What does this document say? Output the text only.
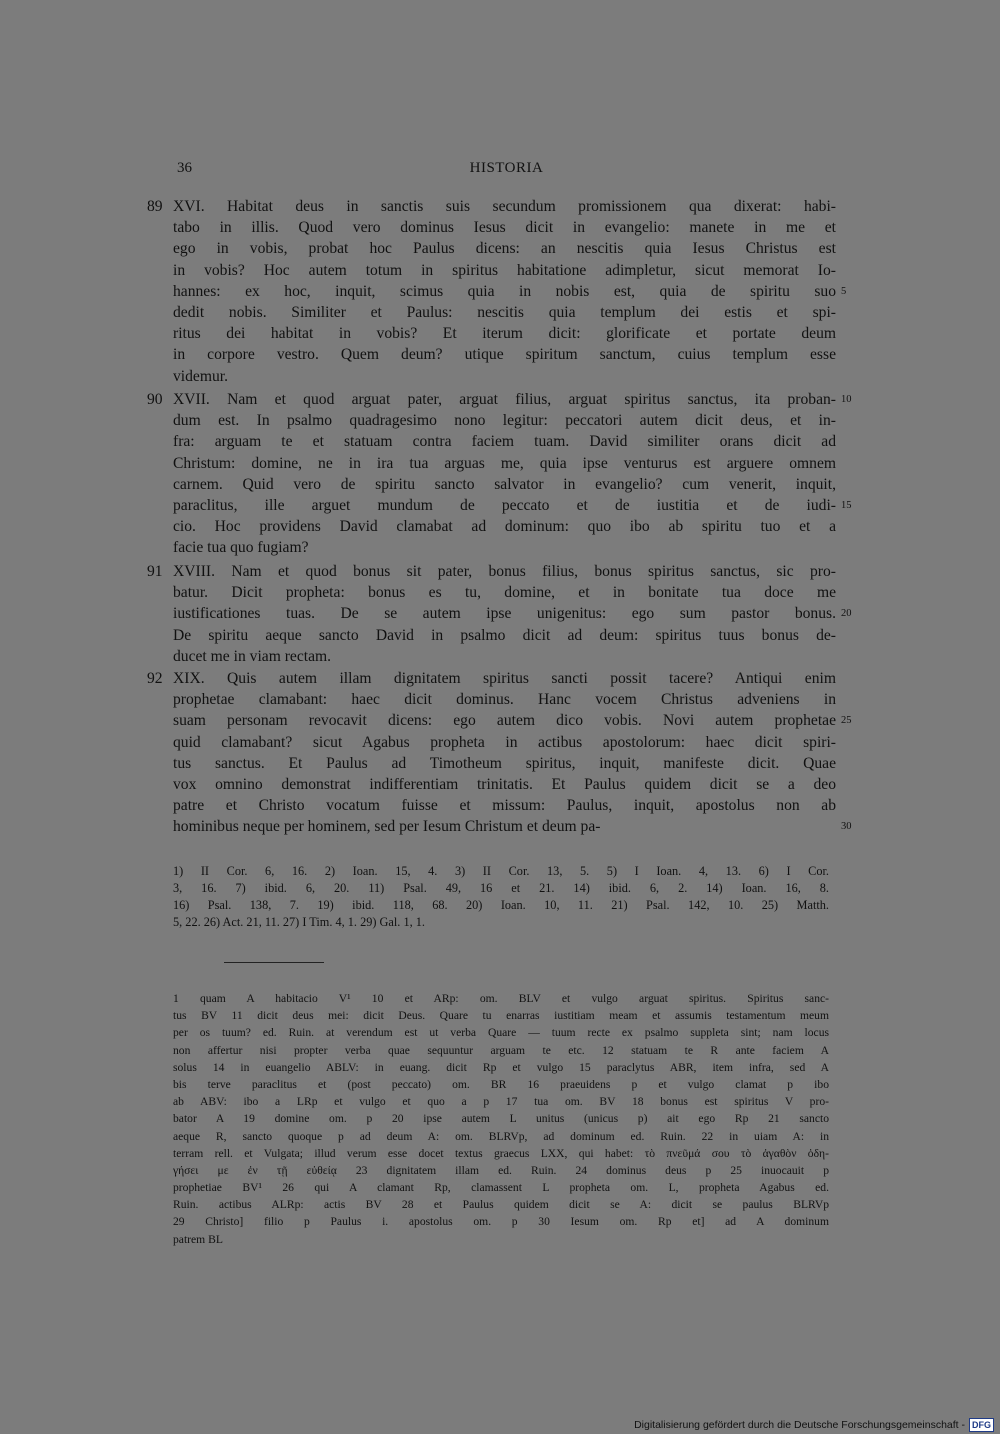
36	HISTORIA
89 XVI. Habitat deus in sanctis suis secundum promissionem qua dixerat: habi-
tabo in illis. Quod vero dominus Iesus dicit in evangelio: manete in me et
ego in vobis, probat hoc Paulus dicens: an nescitis quia Iesus Christus est
in vobis? Hoc autem totum in spiritus habitatione adimpletur, sicut memorat Io-
hannes: ex hoc, inquit, scimus quia in nobis est, quia de spiritu suo
dedit nobis. Similiter et Paulus: nescitis quia templum dei estis et spi-
ritus dei habitat in vobis? Et iterum dicit: glorificate et portate deum
in corpore vestro. Quem deum? utique spiritum sanctum, cuius templum esse
videmur.
5
90 XVII. Nam et quod arguat pater, arguat filius, arguat spiritus sanctus, ita proban-
dum est. In psalmo quadragesimo nono legitur: peccatori autem dicit deus, et in-
fra: arguam te et statuam contra faciem tuam. David similiter orans dicit ad
Christum: domine, ne in ira tua arguas me, quia ipse venturus est arguere omnem
carnem. Quid vero de spiritu sancto salvator in evangelio? cum venerit, inquit,
paraclitus, ille arguet mundum de peccato et de iustitia et de iudi-
cio. Hoc providens David clamabat ad dominum: quo ibo ab spiritu tuo et a
facie tua quo fugiam?
10
15
91 XVIII. Nam et quod bonus sit pater, bonus filius, bonus spiritus sanctus, sic pro-
batur. Dicit propheta: bonus es tu, domine, et in bonitate tua doce me
iustificationes tuas. De se autem ipse unigenitus: ego sum pastor bonus.
De spiritu aeque sancto David in psalmo dicit ad deum: spiritus tuus bonus de-
ducet me in viam rectam.
20
92 XIX. Quis autem illam dignitatem spiritus sancti possit tacere? Antiqui enim
prophetae clamabant: haec dicit dominus. Hanc vocem Christus adveniens in
suam personam revocavit dicens: ego autem dico vobis. Novi autem prophetae
quid clamabant? sicut Agabus propheta in actibus apostolorum: haec dicit spiri-
tus sanctus. Et Paulus ad Timotheum spiritus, inquit, manifeste dicit. Quae
vox omnino demonstrat indifferentiam trinitatis. Et Paulus quidem dicit se a deo
patre et Christo vocatum fuisse et missum: Paulus, inquit, apostolus non ab
hominibus neque per hominem, sed per Iesum Christum et deum pa-
25
30
1) II Cor. 6, 16. 2) Ioan. 15, 4. 3) II Cor. 13, 5. 5) I Ioan. 4, 13. 6) I Cor.
3, 16. 7) ibid. 6, 20. 11) Psal. 49, 16 et 21. 14) ibid. 6, 2. 14) Ioan. 16, 8.
16) Psal. 138, 7. 19) ibid. 118, 68. 20) Ioan. 10, 11. 21) Psal. 142, 10. 25) Matth.
5, 22. 26) Act. 21, 11. 27) I Tim. 4, 1. 29) Gal. 1, 1.
1 quam A habitacio V¹ 10 et ARp: om. BLV et vulgo arguat spiritus. Spiritus sanc-
tus BV 11 dicit deus mei: dicit Deus. Quare tu enarras iustitiam meam et assumis testamentum meum
per os tuum? ed. Ruin. at verendum est ut verba Quare — tuum recte ex psalmo suppleta sint; nam locus
non affertur nisi propter verba quae sequuntur arguam te etc. 12 statuam te R ante faciem A
solus 14 in euangelio ABLV: in euang. dicit Rp et vulgo 15 paraclytus ABR, item infra, sed A
bis terve paraclitus et (post peccato) om. BR 16 praeuidens p et vulgo clamat p ibo
ab ABV: ibo a LRp et vulgo et quo a p 17 tua om. BV 18 bonus est spiritus V pro-
bator A 19 domine om. p 20 ipse autem L unitus (unicus p) ait ego Rp 21 sancto
aeque R, sancto quoque p ad deum A: om. BLRVp, ad dominum ed. Ruin. 22 in uiam A: in
terram rell. et Vulgata; illud verum esse docet textus graecus LXX, qui habet: τὸ πνεῦμά σου τὸ ἀγαθὸν ὁδη-
γήσει με ἐν τῇ εὐθείᾳ 23 dignitatem illam ed. Ruin. 24 dominus deus p 25 inuocauit p
prophetiae BV¹ 26 qui A clamant Rp, clamassent L propheta om. L, propheta Agabus ed.
Ruin. actibus ALRp: actis BV 28 et Paulus quidem dicit se A: dicit se paulus BLRVp
29 Christo] filio p Paulus i. apostolus om. p 30 Iesum om. Rp et] ad A dominum
patrem BL
Digitalisierung gefördert durch die Deutsche Forschungsgemeinschaft - DFG
